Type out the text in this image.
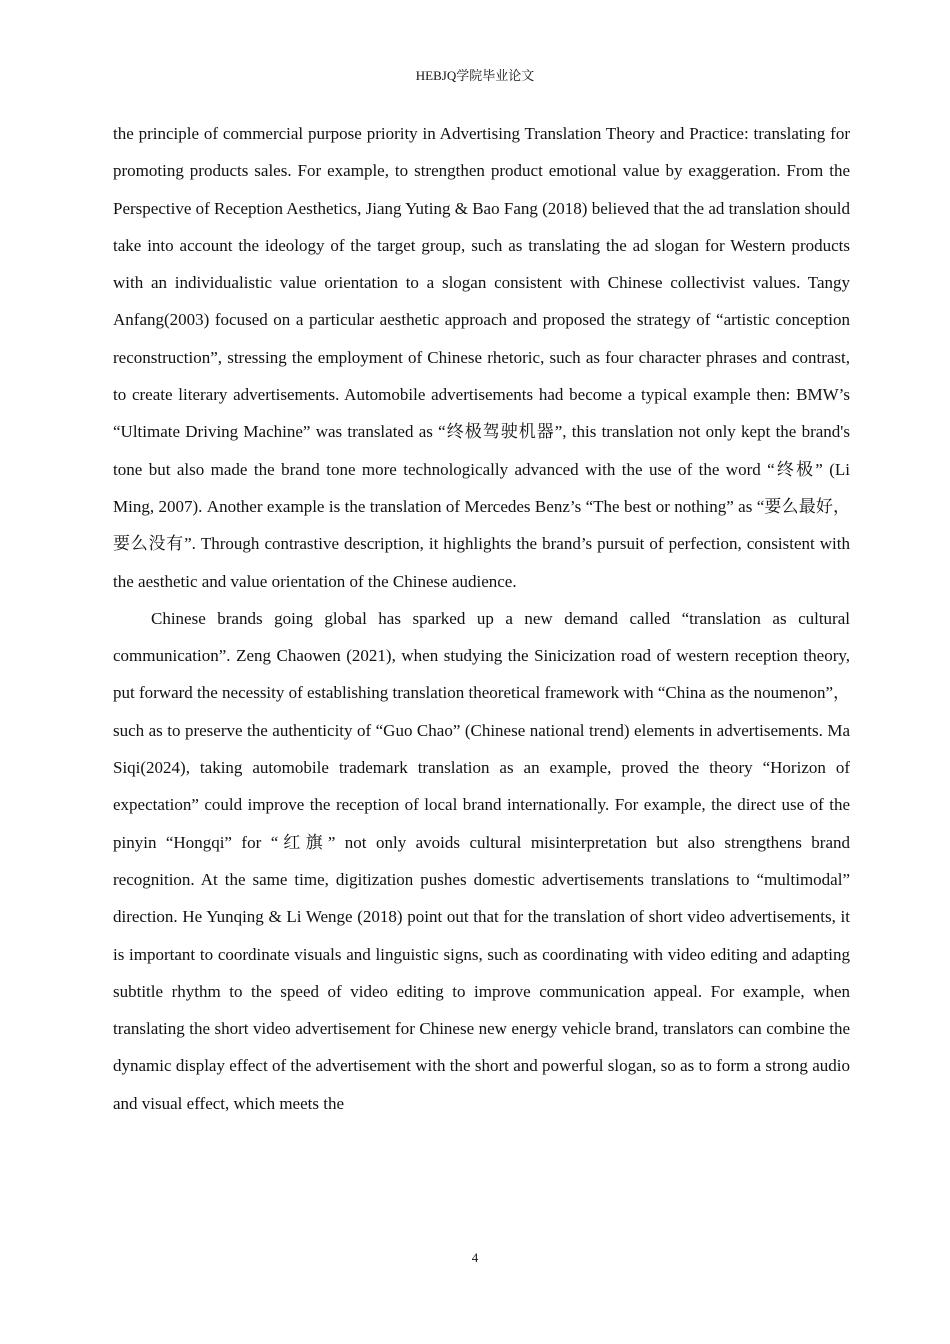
HEBJQ学院毕业论文

the principle of commercial purpose priority in Advertising Translation Theory and Practice: translating for promoting products sales. For example, to strengthen product emotional value by exaggeration. From the Perspective of Reception Aesthetics, Jiang Yuting & Bao Fang (2018) believed that the ad translation should take into account the ideology of the target group, such as translating the ad slogan for Western products with an individualistic value orientation to a slogan consistent with Chinese collectivist values. Tangy Anfang(2003) focused on a particular aesthetic approach and proposed the strategy of “artistic conception reconstruction”, stressing the employment of Chinese rhetoric, such as four character phrases and contrast, to create literary advertisements. Automobile advertisements had become a typical example then: BMW’s “Ultimate Driving Machine” was translated as “终极驾驶机器”, this translation not only kept the brand's tone but also made the brand tone more technologically advanced with the use of the word “终极” (Li Ming, 2007). Another example is the translation of Mercedes Benz’s “The best or nothing” as “要么最好，要么没有”. Through contrastive description, it highlights the brand’s pursuit of perfection, consistent with the aesthetic and value orientation of the Chinese audience.

Chinese brands going global has sparked up a new demand called “translation as cultural communication”. Zeng Chaowen (2021), when studying the Sinicization road of western reception theory, put forward the necessity of establishing translation theoretical framework with “China as the noumenon”， such as to preserve the authenticity of “Guo Chao” (Chinese national trend) elements in advertisements. Ma Siqi(2024), taking automobile trademark translation as an example, proved the theory “Horizon of expectation” could improve the reception of local brand internationally. For example, the direct use of the pinyin “Hongqi” for “红旗” not only avoids cultural misinterpretation but also strengthens brand recognition. At the same time, digitization pushes domestic advertisements translations to “multimodal” direction. He Yunqing & Li Wenge (2018) point out that for the translation of short video advertisements, it is important to coordinate visuals and linguistic signs, such as coordinating with video editing and adapting subtitle rhythm to the speed of video editing to improve communication appeal. For example, when translating the short video advertisement for Chinese new energy vehicle brand, translators can combine the dynamic display effect of the advertisement with the short and powerful slogan, so as to form a strong audio and visual effect, which meets the

4
